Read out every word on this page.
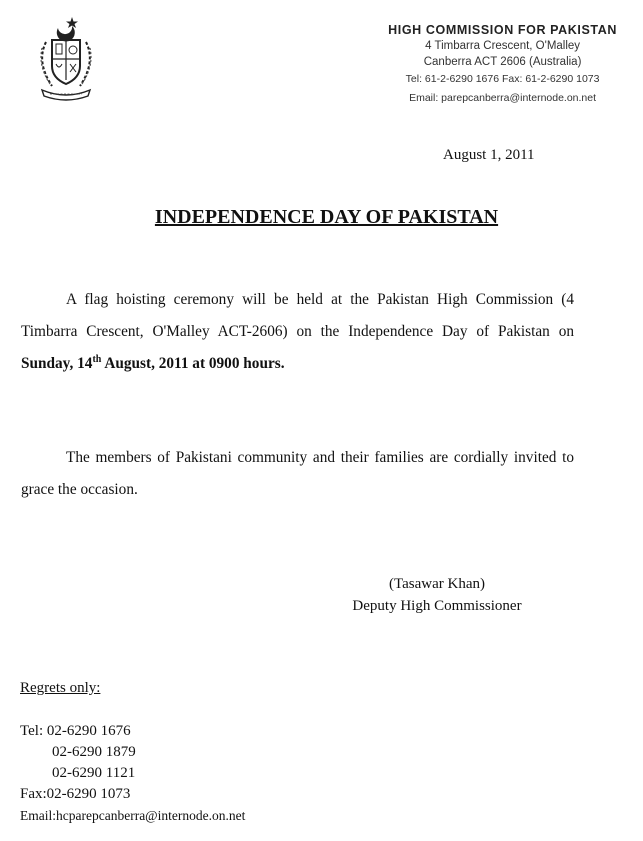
HIGH COMMISSION FOR PAKISTAN
4 Timbarra Crescent, O'Malley
Canberra ACT 2606 (Australia)
Tel: 61-2-6290 1676 Fax: 61-2-6290 1073
Email: parepcanberra@internode.on.net
August 1, 2011
INDEPENDENCE DAY OF PAKISTAN
A flag hoisting ceremony will be held at the Pakistan High Commission (4 Timbarra Crescent, O'Malley ACT-2606) on the Independence Day of Pakistan on Sunday, 14th August, 2011 at 0900 hours.
The members of Pakistani community and their families are cordially invited to grace the occasion.
(Tasawar Khan)
Deputy High Commissioner
Regrets only:
Tel: 02-6290 1676
02-6290 1879
02-6290 1121
Fax:02-6290 1073
Email:hcparepcanberra@internode.on.net
